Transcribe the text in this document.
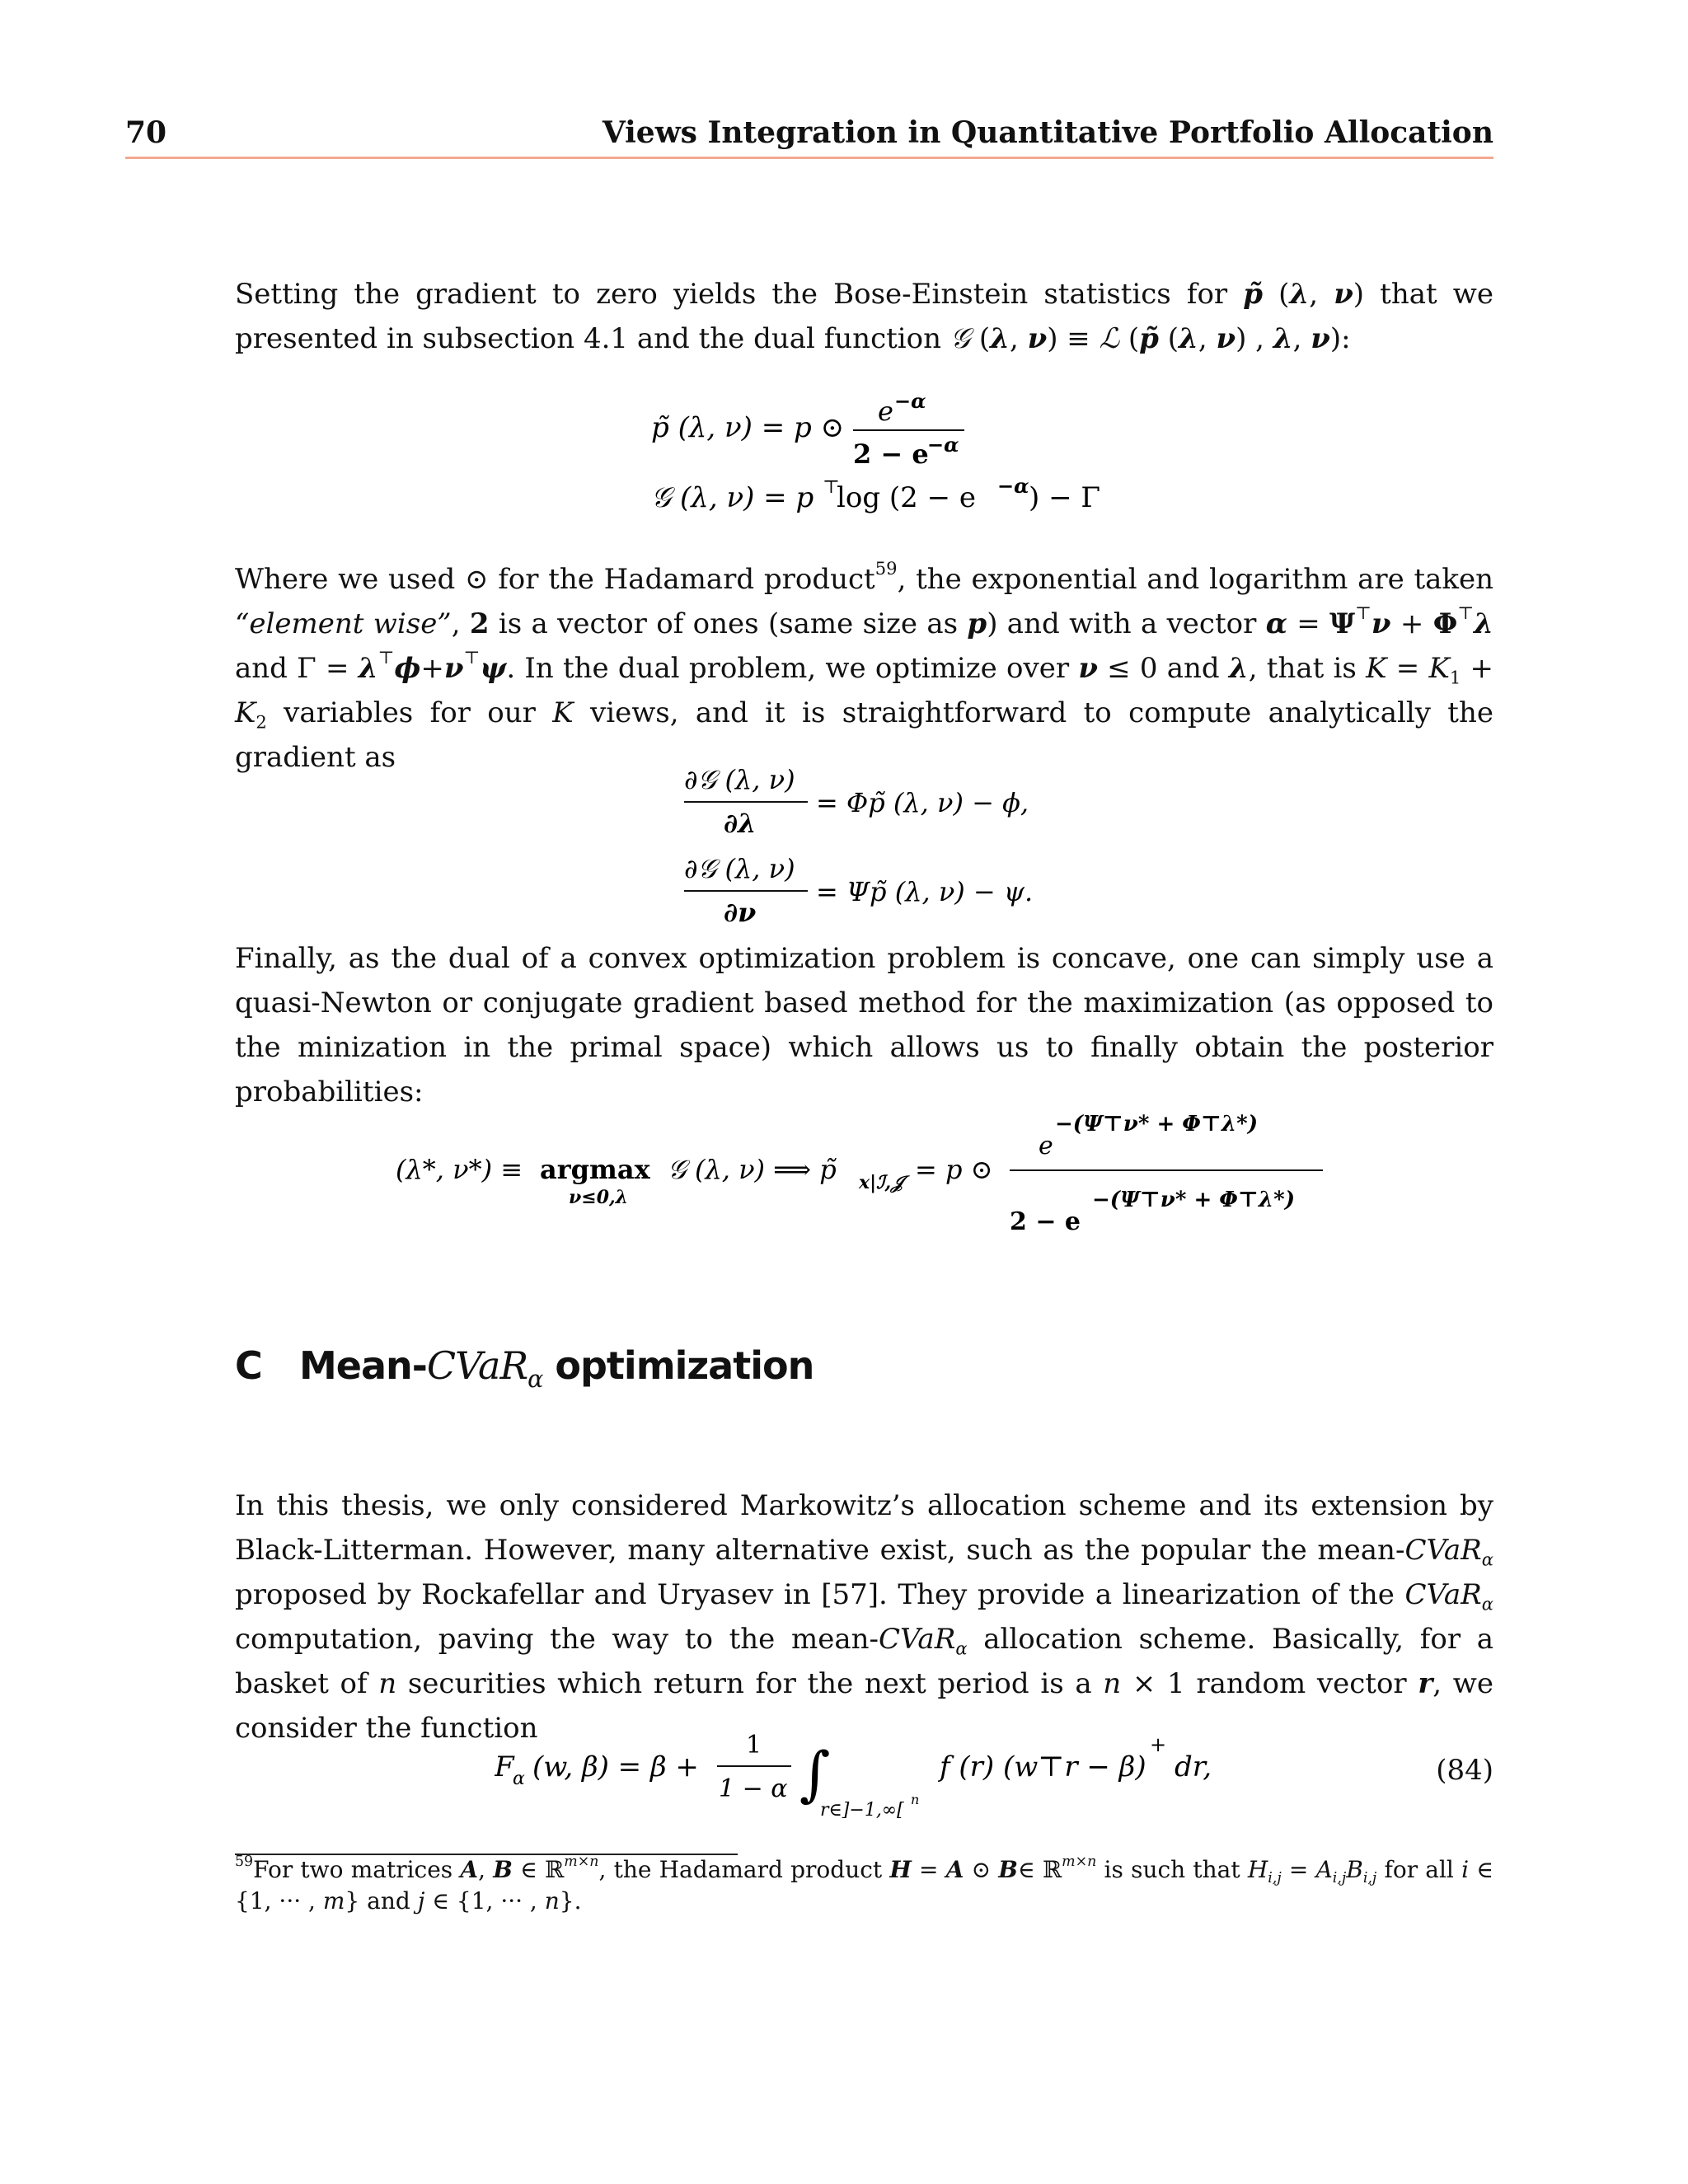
70	Views Integration in Quantitative Portfolio Allocation

Setting the gradient to zero yields the Bose-Einstein statistics for p̃ (λ, ν) that we presented in subsection 4.1 and the dual function 𝒢 (λ, ν) ≡ ℒ (p̃ (λ, ν) , λ, ν):

p̃ (λ, ν) = p ⊙ e −α
2 − e
−α
𝒢 (λ, ν) = p ⊤
log (2 − e −α ) − Γ

Where we used ⊙ for the Hadamard product$^{59}$, the exponential and logarithm are taken “element wise”, 2 is a vector of ones (same size as p) and with a vector α = Ψ⊤ν + Φ⊤λ and Γ = λ⊤ϕ+ν⊤ψ. In the dual problem, we optimize over ν ≤ 0 and λ, that is $K = K_1 + K_2$ variables for our K views, and it is straightforward to compute analytically the gradient as

∂𝒢 (λ, ν)
∂λ
= Φp̃ (λ, ν) − ϕ,
∂𝒢 (λ, ν)
∂ν
= Ψp̃ (λ, ν) − ψ.

Finally, as the dual of a convex optimization problem is concave, one can simply use a quasi-Newton or conjugate gradient based method for the maximization (as opposed to the minization in the primal space) which allows us to finally obtain the posterior probabilities:

(λ*, ν*) ≡ argmax
ν≤0,λ
𝒢 (λ, ν) ⟹ p̃ x|ℐ,𝒥 = p ⊙
e
−(Ψ⊤ν* + Φ⊤λ*)
2 − e
−(Ψ⊤ν* + Φ⊤λ*)
C Mean-CVaR$_\alpha$ optimization

In this thesis, we only considered Markowitz’s allocation scheme and its extension by Black-Litterman. However, many alternative exist, such as the popular the mean-CVaR$_\alpha$ proposed by Rockafellar and Uryasev in [57]. They provide a linearization of the CVaR$_\alpha$ computation, paving the way to the mean-CVaR$_\alpha$ allocation scheme. Basically, for a basket of n securities which return for the next period is a n × 1 random vector r, we consider the function

F
α (w, β) = β +
1
1 − α ∫
r∈]−1,∞[
n
f (r) (w⊤r − β)
+
dr,	(84)

$^{59}$For two matrices A, B ∈ ℝ$^{m\times n}$, the Hadamard product H = A ⊙ B∈ ℝ$^{m\times n}$ is such that $H_{i,j} = A_{i,j}B_{i,j}$ for all i ∈ {1, ··· , m} and j ∈ {1, ··· , n}.
